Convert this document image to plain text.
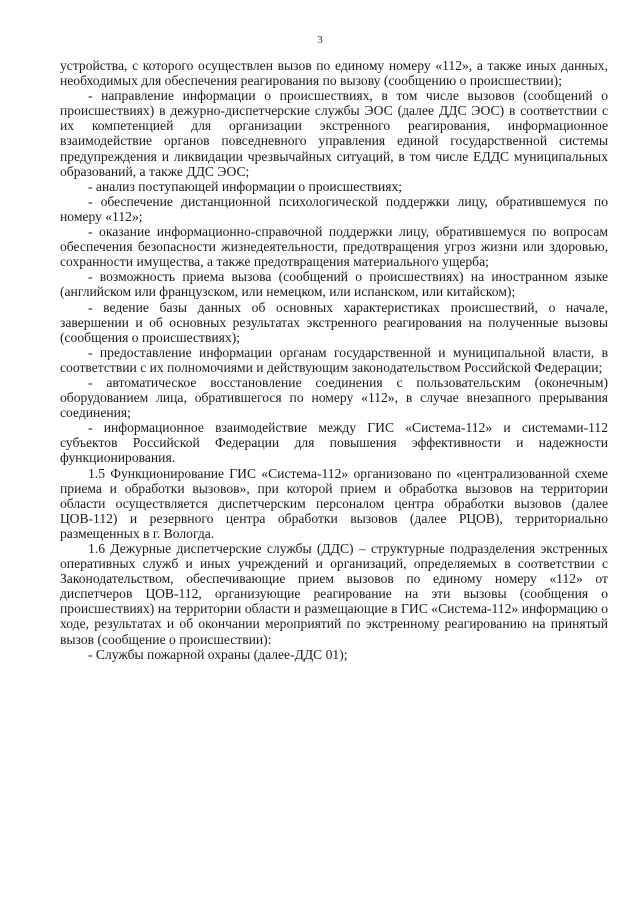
3

устройства, с которого осуществлен вызов по единому номеру «112», а также иных данных, необходимых для обеспечения реагирования по вызову (сообщению о происшествии);

- направление информации о происшествиях, в том числе вызовов (сообщений о происшествиях) в дежурно-диспетчерские службы ЭОС (далее ДДС ЭОС) в соответствии с их компетенцией для организации экстренного реагирования, информационное взаимодействие органов повседневного управления единой государственной системы предупреждения и ликвидации чрезвычайных ситуаций, в том числе ЕДДС муниципальных образований, а также ДДС ЭОС;

- анализ поступающей информации о происшествиях;

- обеспечение дистанционной психологической поддержки лицу, обратившемуся по номеру «112»;

- оказание информационно-справочной поддержки лицу, обратившемуся по вопросам обеспечения безопасности жизнедеятельности, предотвращения угроз жизни или здоровью, сохранности имущества, а также предотвращения материального ущерба;

- возможность приема вызова (сообщений о происшествиях) на иностранном языке (английском или французском, или немецком, или испанском, или китайском);

- ведение базы данных об основных характеристиках происшествий, о начале, завершении и об основных результатах экстренного реагирования на полученные вызовы (сообщения о происшествиях);

- предоставление информации органам государственной и муниципальной власти, в соответствии с их полномочиями и действующим законодательством Российской Федерации;

- автоматическое восстановление соединения с пользовательским (оконечным) оборудованием лица, обратившегося по номеру «112», в случае внезапного прерывания соединения;

- информационное взаимодействие между ГИС «Система-112» и системами-112 субъектов Российской Федерации для повышения эффективности и надежности функционирования.

1.5 Функционирование ГИС «Система-112» организовано по «централизованной схеме приема и обработки вызовов», при которой прием и обработка вызовов на территории области осуществляется диспетчерским персоналом центра обработки вызовов (далее ЦОВ-112) и резервного центра обработки вызовов (далее РЦОВ), территориально размещенных в г. Вологда.

1.6 Дежурные диспетчерские службы (ДДС) – структурные подразделения экстренных оперативных служб и иных учреждений и организаций, определяемых в соответствии с Законодательством, обеспечивающие прием вызовов по единому номеру «112» от диспетчеров ЦОВ-112, организующие реагирование на эти вызовы (сообщения о происшествиях) на территории области и размещающие в ГИС «Система-112» информацию о ходе, результатах и об окончании мероприятий по экстренному реагированию на принятый вызов (сообщение о происшествии):

- Службы пожарной охраны (далее-ДДС 01);
